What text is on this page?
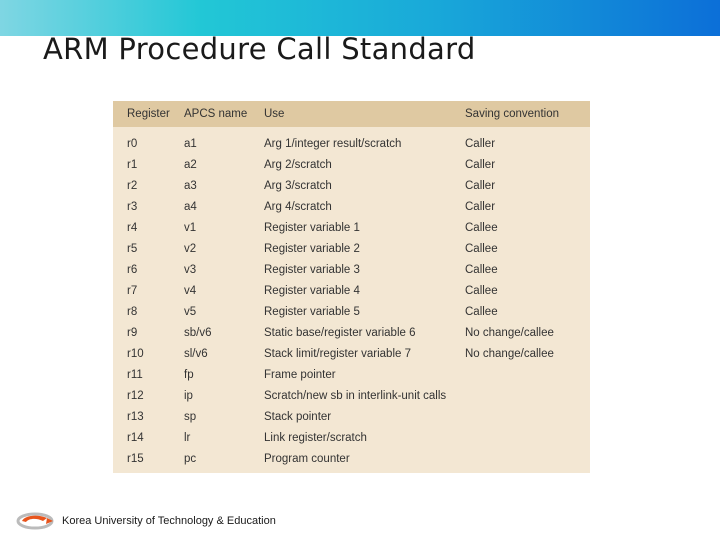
ARM Procedure Call Standard
Register	APCS name	Use	Saving convention
r0	a1	Arg 1/integer result/scratch	Caller
r1	a2	Arg 2/scratch	Caller
r2	a3	Arg 3/scratch	Caller
r3	a4	Arg 4/scratch	Caller
r4	v1	Register variable 1	Callee
r5	v2	Register variable 2	Callee
r6	v3	Register variable 3	Callee
r7	v4	Register variable 4	Callee
r8	v5	Register variable 5	Callee
r9	sb/v6	Static base/register variable 6	No change/callee
r10	sl/v6	Stack limit/register variable 7	No change/callee
r11	fp	Frame pointer	
r12	ip	Scratch/new sb in interlink-unit calls	
r13	sp	Stack pointer	
r14	lr	Link register/scratch	
r15	pc	Program counter	
Korea University of Technology & Education
